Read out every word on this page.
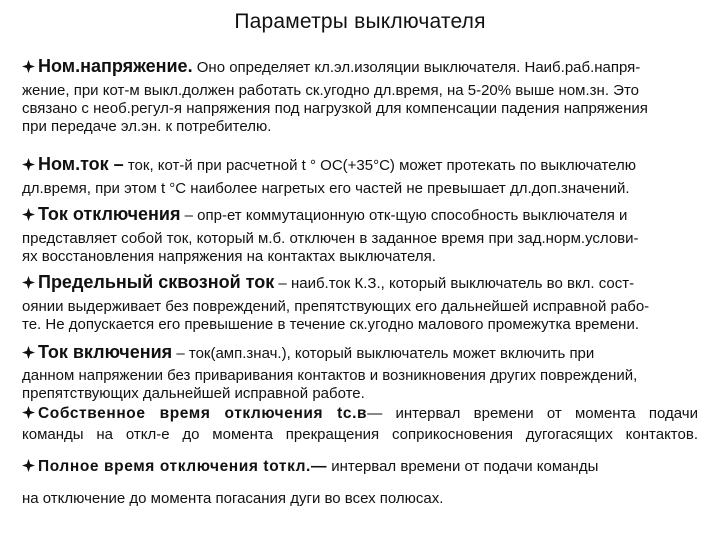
Параметры выключателя
Ном.напряжение. Оно определяет кл.эл.изоляции выключателя. Наиб.раб.напря-
жение, при кот-м выкл.должен работать ск.угодно дл.время, на 5-20% выше ном.зн. Это
связано с необ.регул-я напряжения под нагрузкой для компенсации падения напряжения
при передаче эл.эн. к потребителю.
Ном.ток – ток, кот-й при расчетной t ° ОС(+35°С) может протекать по выключателю
дл.время, при этом t °С наиболее нагретых его частей не превышает дл.доп.значений.
Ток отключения – опр-ет коммутационную отк-щую способность выключателя и
представляет собой ток, который м.б. отключен в заданное время при зад.норм.услови-
ях восстановления напряжения на контактах выключателя.
Предельный сквозной ток – наиб.ток К.З., который выключатель во вкл. сост-
оянии выдерживает без повреждений, препятствующих его дальнейшей исправной рабо-
те. Не допускается его превышение в течение ск.угодно малового промежутка времени.
Ток включения – ток(амп.знач.), который выключатель может включить при
данном напряжении без приваривания контактов и возникновения других повреждений,
препятствующих дальнейшей исправной работе.
Собственное время отключения tс.в— интервал времени от момента подачи
команды на откл-е до момента прекращения соприкосновения дугогасящих контактов.
Полное время отключения tоткл.— интервал времени от подачи команды
на отключение до момента погасания дуги во всех полюсах.
